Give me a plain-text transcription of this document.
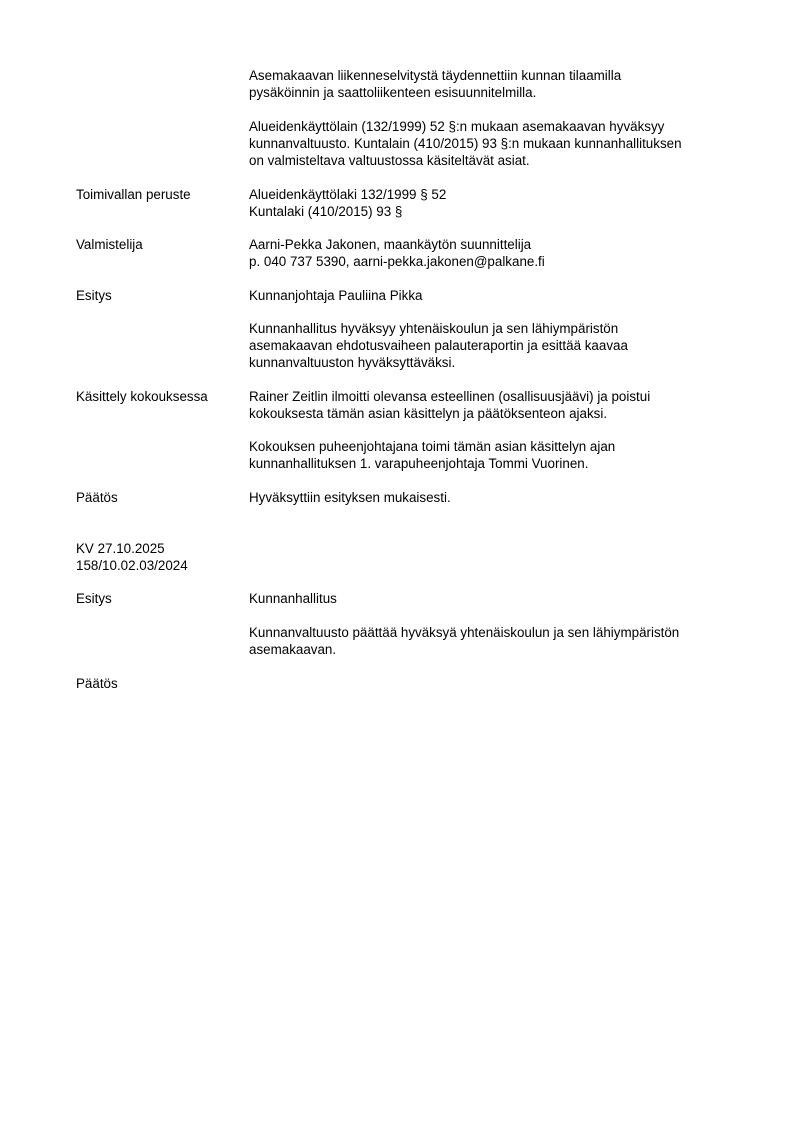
Asemakaavan liikenneselvitystä täydennettiin kunnan tilaamilla
pysäköinnin ja saattoliikenteen esisuunnitelmilla.
Alueidenkäyttölain (132/1999) 52 §:n mukaan asemakaavan hyväksyy
kunnanvaltuusto. Kuntalain (410/2015) 93 §:n mukaan kunnanhallituksen
on valmisteltava valtuustossa käsiteltävät asiat.
Toimivallan peruste	Alueidenkäyttölaki 132/1999 § 52
Kuntalaki (410/2015) 93 §
Valmistelija	Aarni-Pekka Jakonen, maankäytön suunnittelija
p. 040 737 5390, aarni-pekka.jakonen@palkane.fi
Esitys	Kunnanjohtaja Pauliina Pikka
Kunnanhallitus hyväksyy yhtenäiskoulun ja sen lähiympäristön
asemakaavan ehdotusvaiheen palauteraportin ja esittää kaavaa
kunnanvaltuuston hyväksyttäväksi.
Käsittely kokouksessa	Rainer Zeitlin ilmoitti olevansa esteellinen (osallisuusjäävi) ja poistui
kokouksesta tämän asian käsittelyn ja päätöksenteon ajaksi.
Kokouksen puheenjohtajana toimi tämän asian käsittelyn ajan
kunnanhallituksen 1. varapuheenjohtaja Tommi Vuorinen.
Päätös	Hyväksyttiin esityksen mukaisesti.
KV 27.10.2025
158/10.02.03/2024
Esitys	Kunnanhallitus
Kunnanvaltuusto päättää hyväksyä yhtenäiskoulun ja sen lähiympäristön
asemakaavan.
Päätös
